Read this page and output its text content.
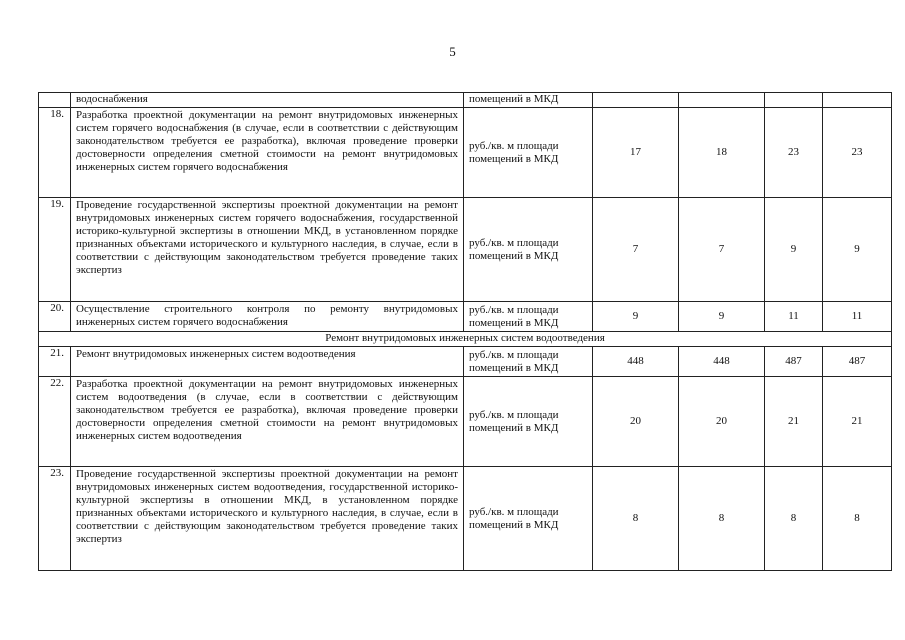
5
	водоснабжения	помещений в МКД				
18.	Разработка проектной документации на ремонт внутридомовых инженерных систем горячего водоснабжения (в случае, если в соответствии с действующим законодательством требуется ее разработка), включая проведение проверки достоверности определения сметной стоимости на ремонт внутридомовых инженерных систем горячего водоснабжения	руб./кв. м площади помещений в МКД	17	18	23	23
19.	Проведение государственной экспертизы проектной документации на ремонт внутридомовых инженерных систем горячего водоснабжения, государственной историко-культурной экспертизы в отношении МКД, в установленном порядке признанных объектами исторического и культурного наследия, в случае, если в соответствии с действующим законодательством требуется проведение таких экспертиз	руб./кв. м площади помещений в МКД	7	7	9	9
20.	Осуществление строительного контроля по ремонту внутридомовых инженерных систем горячего водоснабжения	руб./кв. м площади помещений в МКД	9	9	11	11
Ремонт внутридомовых инженерных систем водоотведения						
21.	Ремонт внутридомовых инженерных систем водоотведения	руб./кв. м площади помещений в МКД	448	448	487	487
22.	Разработка проектной документации на ремонт внутридомовых инженерных систем водоотведения (в случае, если в соответствии с действующим законодательством требуется ее разработка), включая проведение проверки достоверности определения сметной стоимости на ремонт внутридомовых инженерных систем водоотведения	руб./кв. м площади помещений в МКД	20	20	21	21
23.	Проведение государственной экспертизы проектной документации на ремонт внутридомовых инженерных систем водоотведения, государственной историко-культурной экспертизы в отношении МКД, в установленном порядке признанных объектами исторического и культурного наследия, в случае, если в соответствии с действующим законодательством требуется проведение таких экспертиз	руб./кв. м площади помещений в МКД	8	8	8	8
